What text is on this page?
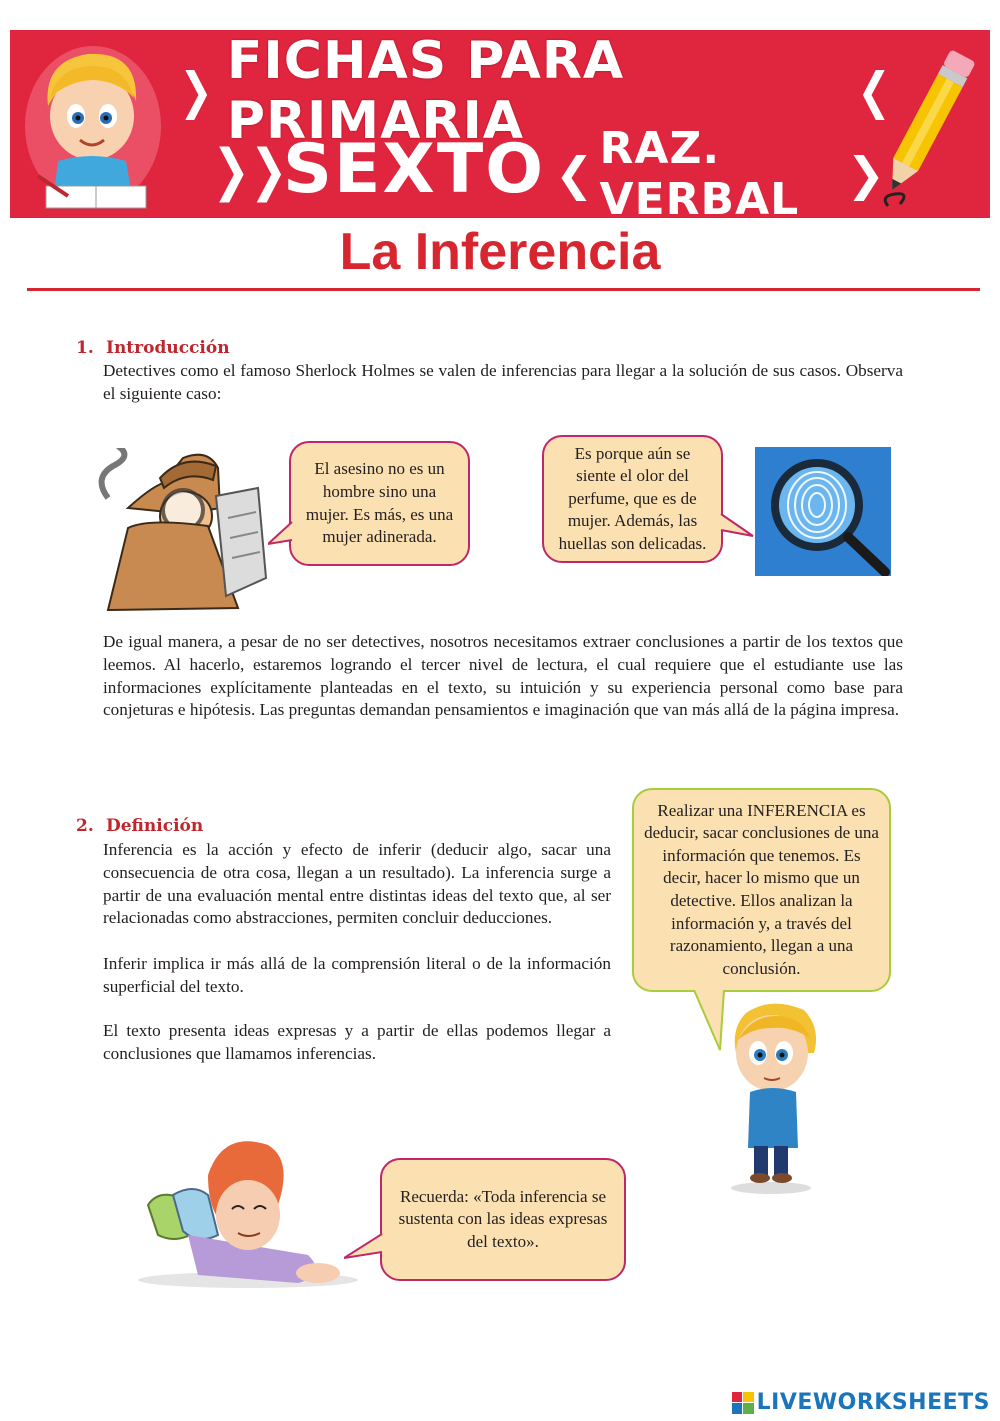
❯ FICHAS PARA PRIMARIA	❮
❯❯
SEXTO ❮ RAZ. VERBAL	❯
La Inferencia
1. Introducción
Detectives como el famoso Sherlock Holmes se valen de inferencias para llegar a la solución de sus casos. Observa el siguiente caso:
El asesino no es un hombre sino una mujer. Es más, es una mujer adinerada.
Es porque aún se siente el olor del perfume, que es de mujer. Además, las huellas son delicadas.
De igual manera, a pesar de no ser detectives, nosotros necesitamos extraer conclusiones a partir de los textos que leemos. Al hacerlo, estaremos logrando el tercer nivel de lectura, el cual requiere que el estudiante use las informaciones explícitamente planteadas en el texto, su intuición y su experiencia personal como base para conjeturas e hipótesis. Las preguntas demandan pensamientos e imaginación que van más allá de la página impresa.
2. Definición
Inferencia es la acción y efecto de inferir (deducir algo, sacar una consecuencia de otra cosa, llegan a un resultado). La inferencia surge a partir de una evaluación mental entre distintas ideas del texto que, al ser relacionadas como abstracciones, permiten concluir deducciones.
Inferir implica ir más allá de la comprensión literal o de la información superficial del texto.
El texto presenta ideas expresas y a partir de ellas podemos llegar a conclusiones que llamamos inferencias.
Realizar una INFERENCIA es deducir, sacar conclusiones de una información que tenemos. Es decir, hacer lo mismo que un detective. Ellos analizan la información y, a través del razonamiento, llegan a una conclusión.
Recuerda: «Toda inferencia se sustenta con las ideas expresas del texto».
LIVEWORKSHEETS
